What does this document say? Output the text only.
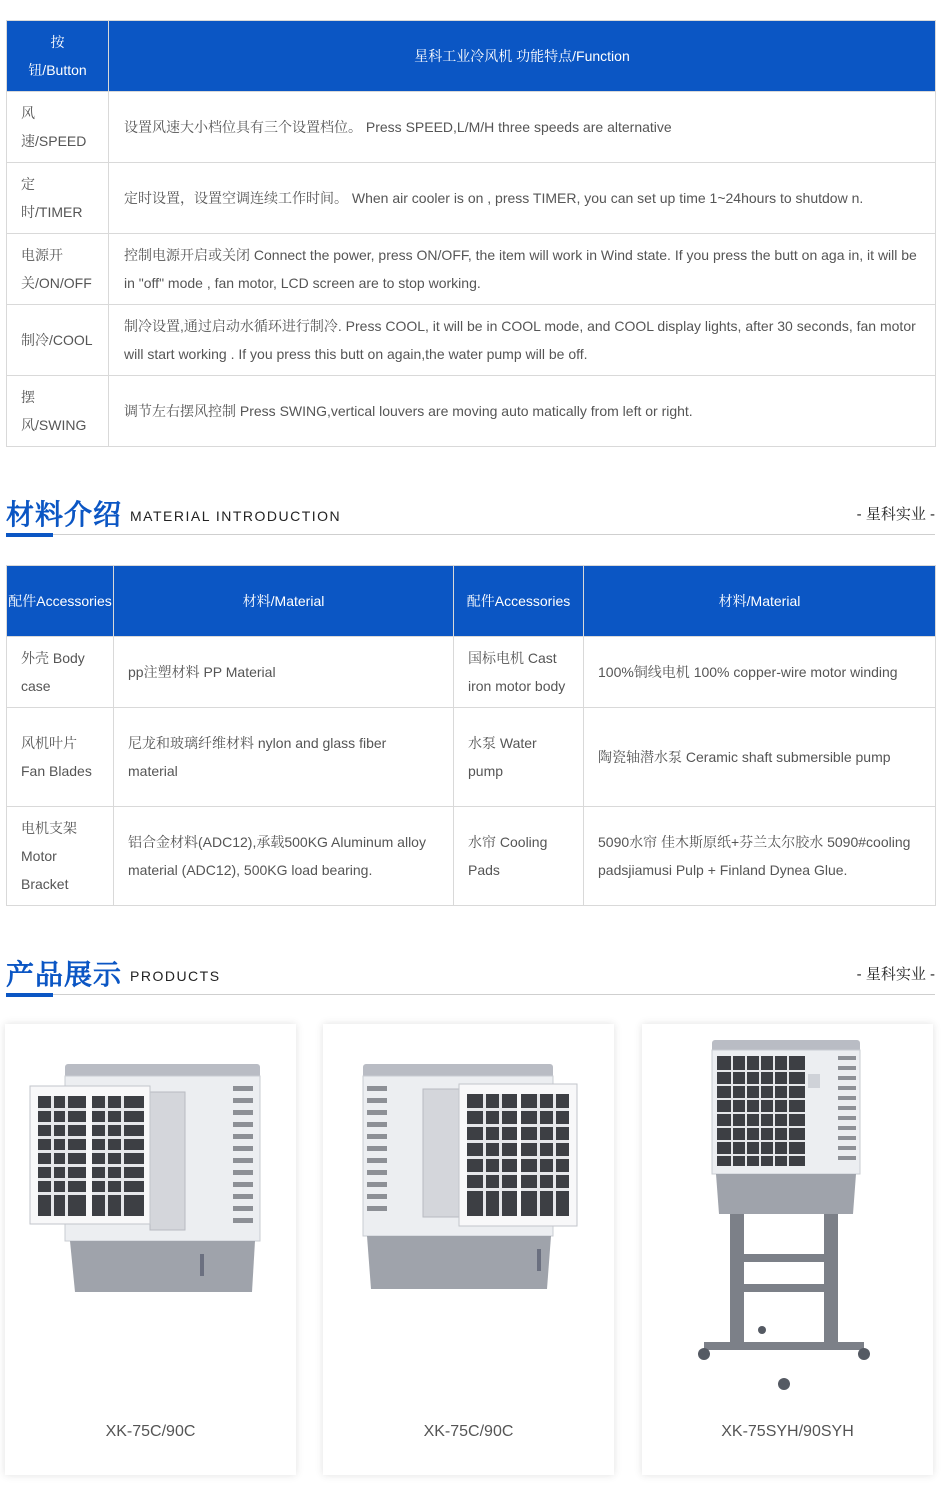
按钮/Button	星科工业冷风机 功能特点/Function
风速/SPEED	设置风速大小档位具有三个设置档位。 Press SPEED,L/M/H three speeds are alternative
定时/TIMER	定时设置，设置空调连续工作时间。 When air cooler is on , press TIMER, you can set up time 1~24hours to shutdow n.
电源开关/ON/OFF	控制电源开启或关闭 Connect the power, press ON/OFF, the item will work in Wind state. If you press the butt on aga in, it will be in "off" mode , fan motor, LCD screen are to stop working.
制冷/COOL	制冷设置,通过启动水循环进行制冷. Press COOL, it will be in COOL mode, and COOL display lights, after 30 seconds, fan motor will start working . If you press this butt on again,the water pump will be off.
摆风/SWING	调节左右摆风控制 Press SWING,vertical louvers are moving auto matically from left or right.
材料介绍 MATERIAL INTRODUCTION	- 星科实业 -
配件Accessories	材料/Material	配件Accessories	材料/Material
外壳 Body case	pp注塑材料 PP Material	国标电机 Cast iron motor body	100%铜线电机 100% copper-wire motor winding
风机叶片 Fan Blades	尼龙和玻璃纤维材料 nylon and glass fiber material	水泵 Water pump	陶瓷轴潜水泵 Ceramic shaft submersible pump
电机支架 Motor Bracket	铝合金材料(ADC12),承载500KG Aluminum alloy material (ADC12), 500KG load bearing.	水帘 Cooling Pads	5090水帘 佳木斯原纸+芬兰太尔胶水 5090#cooling padsjiamusi Pulp + Finland Dynea Glue.
产品展示 PRODUCTS	- 星科实业 -
XK-75C/90C	XK-75C/90C	XK-75SYH/90SYH
